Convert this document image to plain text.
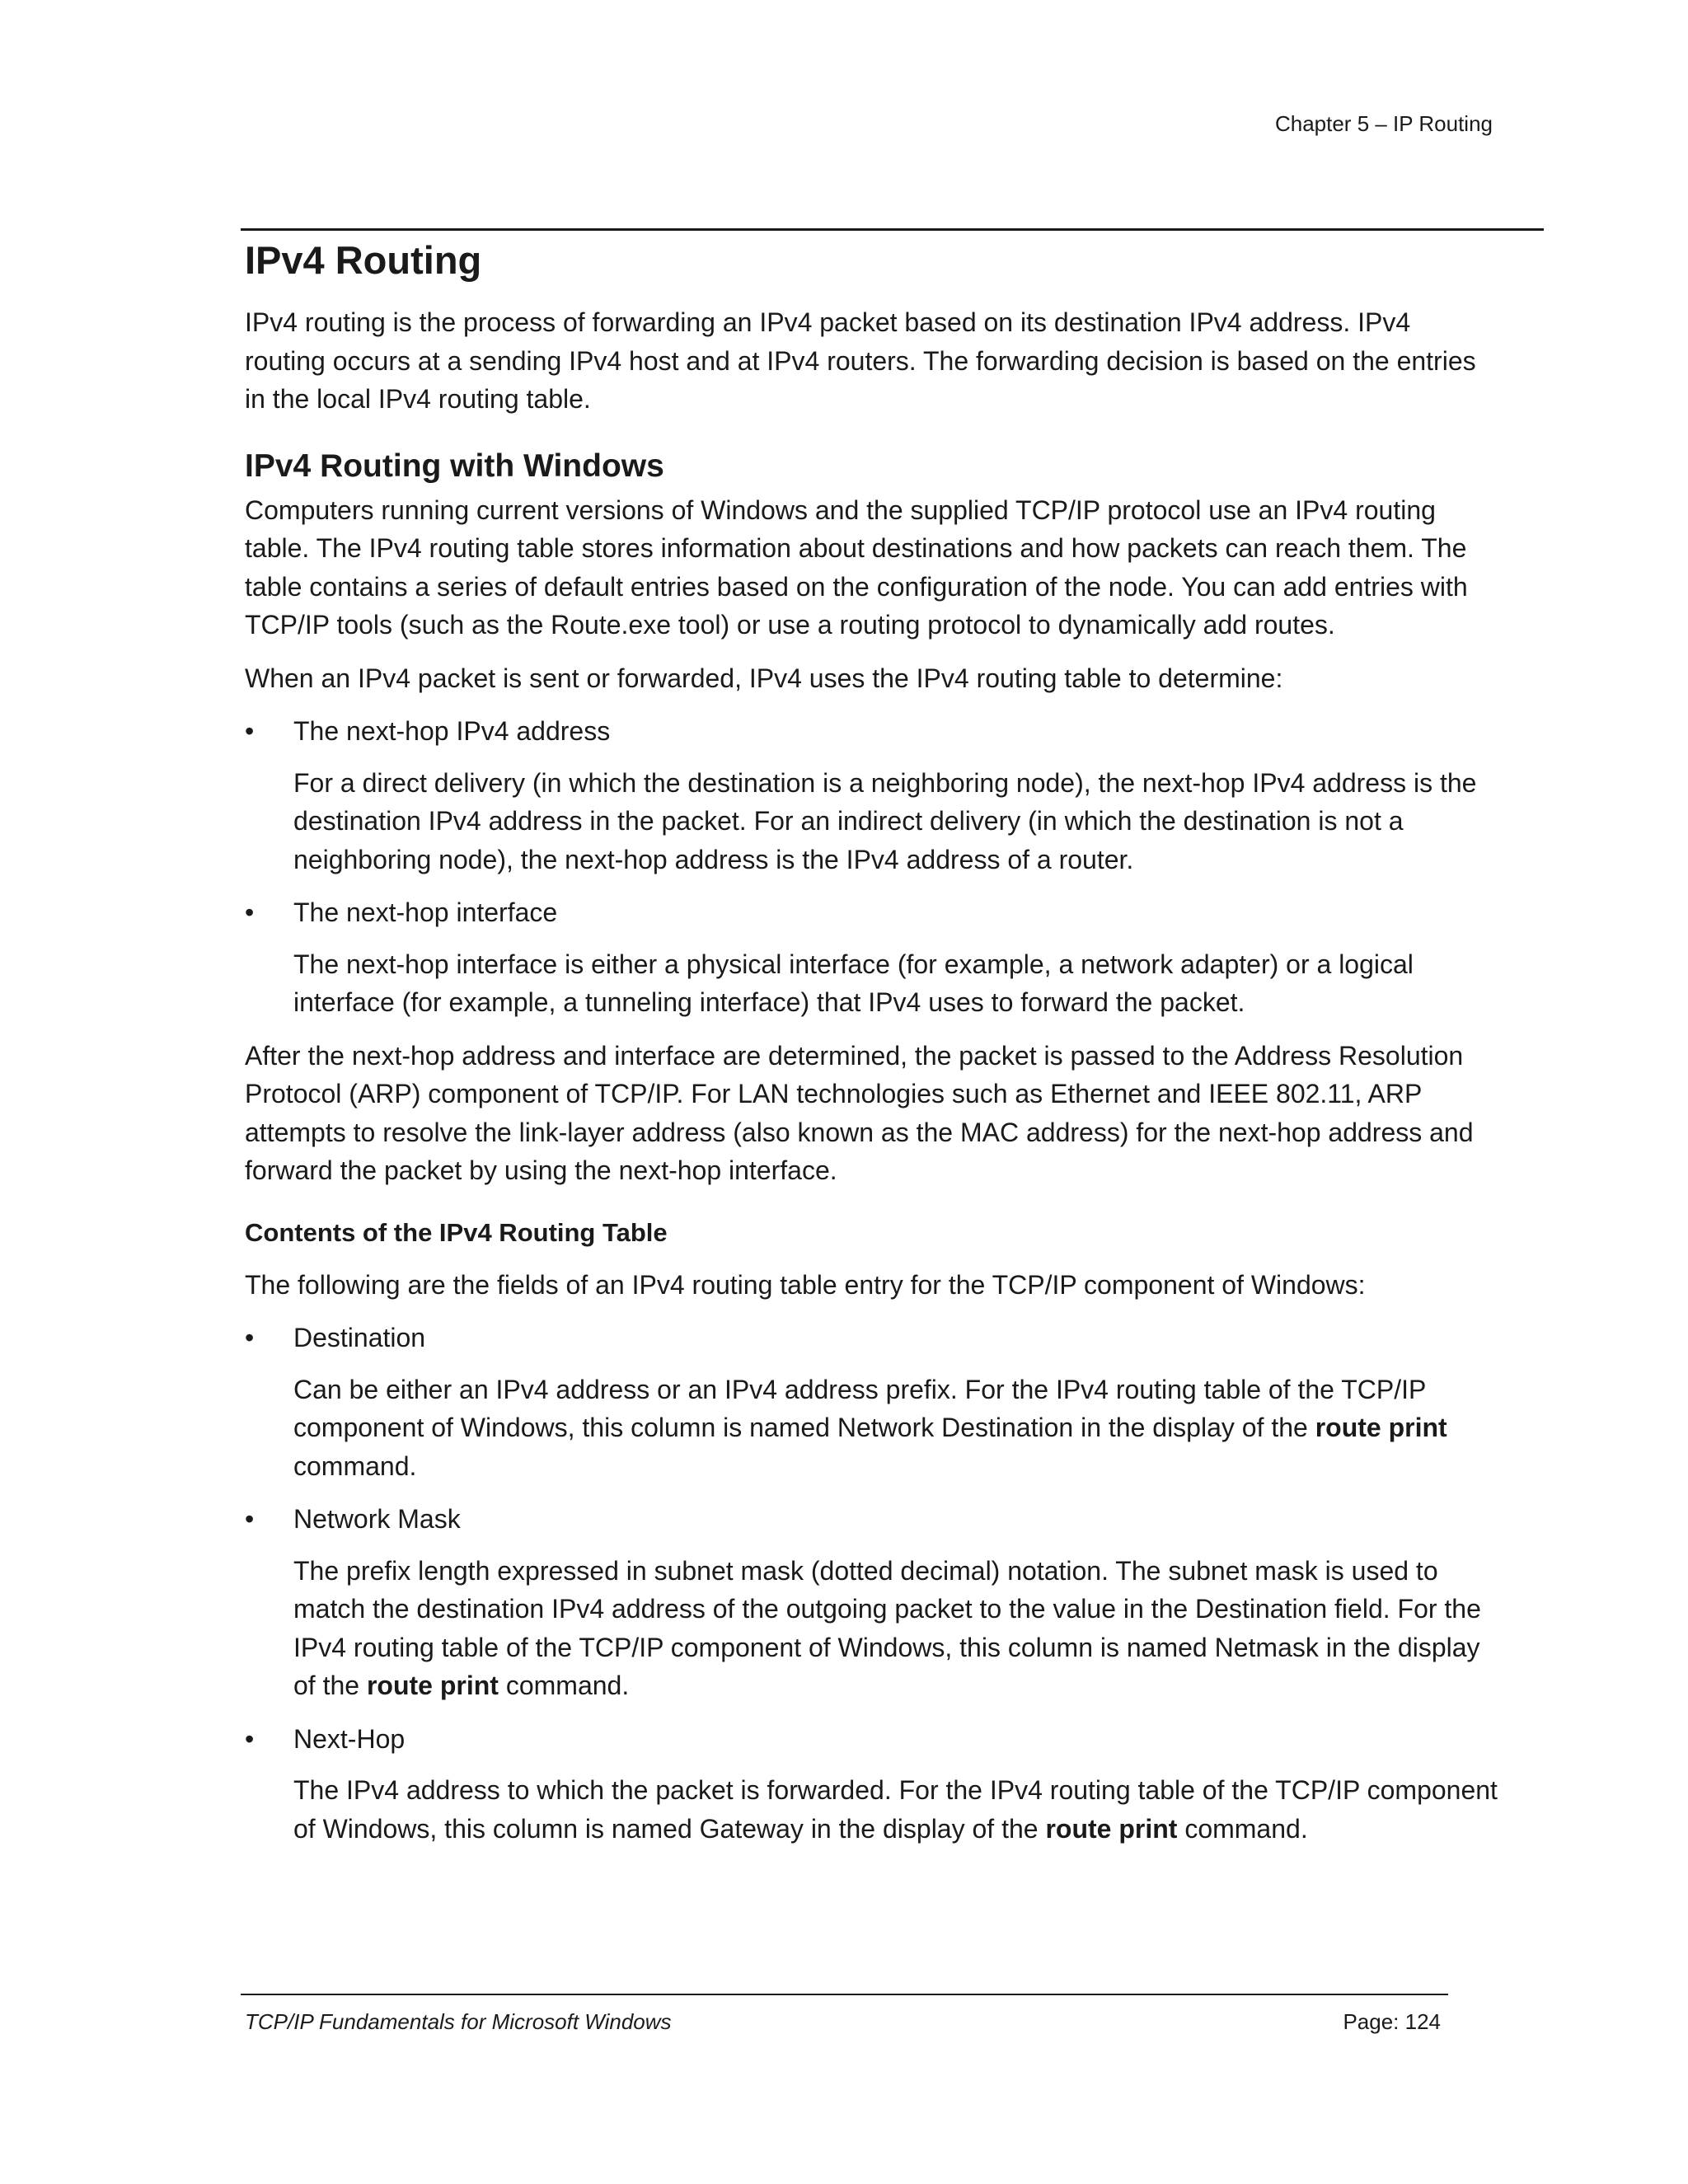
Chapter 5 – IP Routing
IPv4 Routing

IPv4 routing is the process of forwarding an IPv4 packet based on its destination IPv4 address. IPv4 routing occurs at a sending IPv4 host and at IPv4 routers. The forwarding decision is based on the entries in the local IPv4 routing table.

IPv4 Routing with Windows

Computers running current versions of Windows and the supplied TCP/IP protocol use an IPv4 routing table. The IPv4 routing table stores information about destinations and how packets can reach them. The table contains a series of default entries based on the configuration of the node. You can add entries with TCP/IP tools (such as the Route.exe tool) or use a routing protocol to dynamically add routes.

When an IPv4 packet is sent or forwarded, IPv4 uses the IPv4 routing table to determine:

• The next-hop IPv4 address

For a direct delivery (in which the destination is a neighboring node), the next-hop IPv4 address is the destination IPv4 address in the packet. For an indirect delivery (in which the destination is not a neighboring node), the next-hop address is the IPv4 address of a router.

• The next-hop interface

The next-hop interface is either a physical interface (for example, a network adapter) or a logical interface (for example, a tunneling interface) that IPv4 uses to forward the packet.

After the next-hop address and interface are determined, the packet is passed to the Address Resolution Protocol (ARP) component of TCP/IP. For LAN technologies such as Ethernet and IEEE 802.11, ARP attempts to resolve the link-layer address (also known as the MAC address) for the next-hop address and forward the packet by using the next-hop interface.

Contents of the IPv4 Routing Table

The following are the fields of an IPv4 routing table entry for the TCP/IP component of Windows:

• Destination

Can be either an IPv4 address or an IPv4 address prefix. For the IPv4 routing table of the TCP/IP component of Windows, this column is named Network Destination in the display of the route print command.

• Network Mask

The prefix length expressed in subnet mask (dotted decimal) notation. The subnet mask is used to match the destination IPv4 address of the outgoing packet to the value in the Destination field. For the IPv4 routing table of the TCP/IP component of Windows, this column is named Netmask in the display of the route print command.

• Next-Hop

The IPv4 address to which the packet is forwarded. For the IPv4 routing table of the TCP/IP component of Windows, this column is named Gateway in the display of the route print command.

TCP/IP Fundamentals for Microsoft Windows	Page: 124
